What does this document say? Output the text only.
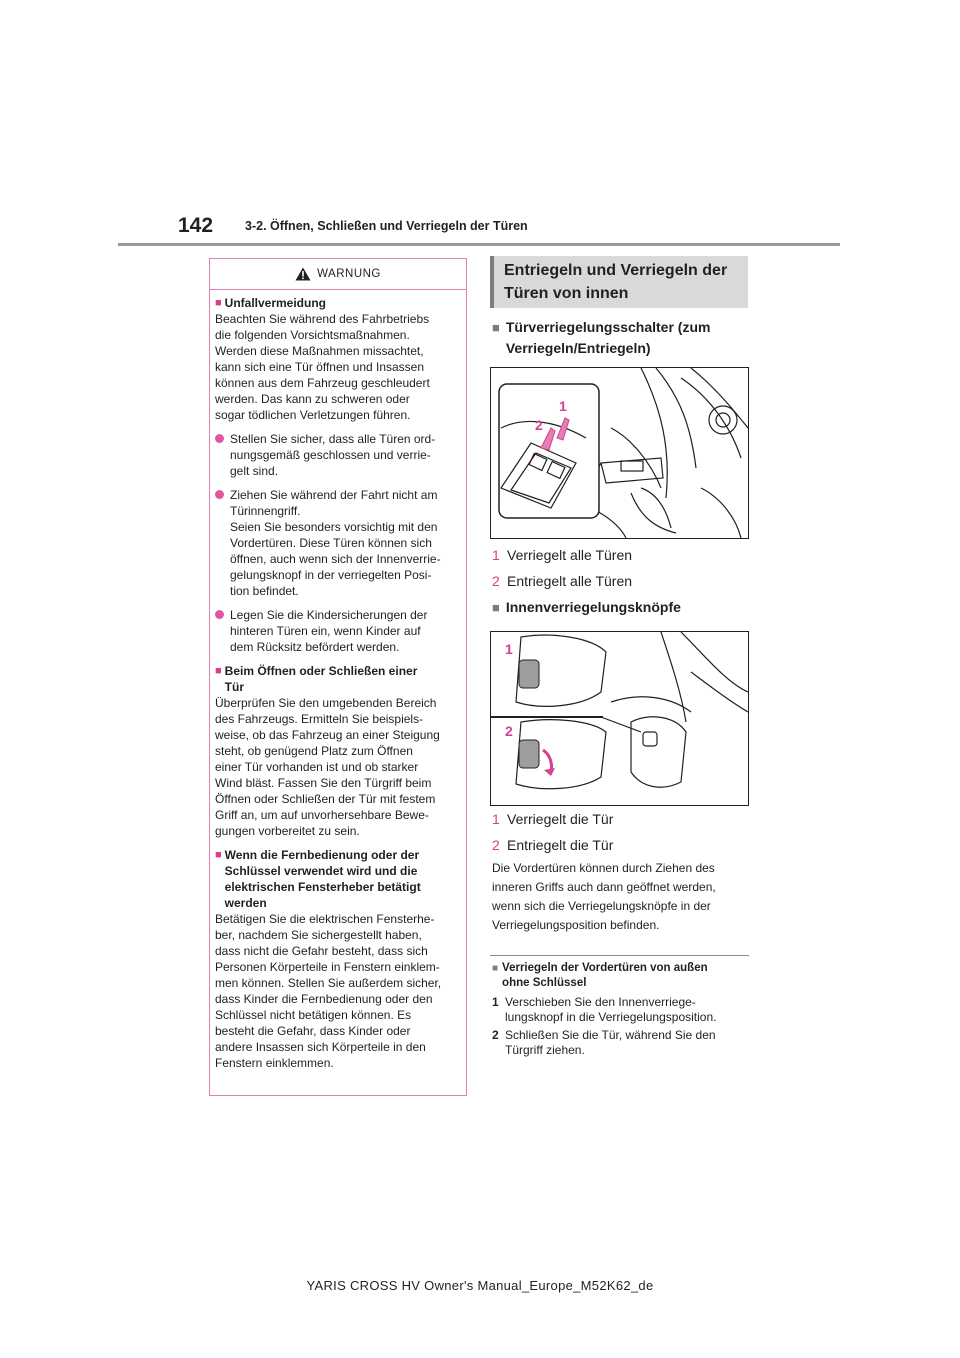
142	3-2. Öffnen, Schließen und Verriegeln der Türen
WARNUNG
■ Unfallvermeidung
Beachten Sie während des Fahrbetriebs
die folgenden Vorsichtsmaßnahmen.
Werden diese Maßnahmen missachtet,
kann sich eine Tür öffnen und Insassen
können aus dem Fahrzeug geschleudert
werden. Das kann zu schweren oder
sogar tödlichen Verletzungen führen.
Stellen Sie sicher, dass alle Türen ord-
nungsgemäß geschlossen und verrie-
gelt sind.
Ziehen Sie während der Fahrt nicht am
Türinnengriff.
Seien Sie besonders vorsichtig mit den
Vordertüren. Diese Türen können sich
öffnen, auch wenn sich der Innenverrie-
gelungsknopf in der verriegelten Posi-
tion befindet.
Legen Sie die Kindersicherungen der
hinteren Türen ein, wenn Kinder auf
dem Rücksitz befördert werden.
■ Beim Öffnen oder Schließen einer
Tür
Überprüfen Sie den umgebenden Bereich
des Fahrzeugs. Ermitteln Sie beispiels-
weise, ob das Fahrzeug an einer Steigung
steht, ob genügend Platz zum Öffnen
einer Tür vorhanden ist und ob starker
Wind bläst. Fassen Sie den Türgriff beim
Öffnen oder Schließen der Tür mit festem
Griff an, um auf unvorhersehbare Bewe-
gungen vorbereitet zu sein.
■ Wenn die Fernbedienung oder der
Schlüssel verwendet wird und die
elektrischen Fensterheber betätigt
werden
Betätigen Sie die elektrischen Fensterhe-
ber, nachdem Sie sichergestellt haben,
dass nicht die Gefahr besteht, dass sich
Personen Körperteile in Fenstern einklem-
men können. Stellen Sie außerdem sicher,
dass Kinder die Fernbedienung oder den
Schlüssel nicht betätigen können. Es
besteht die Gefahr, dass Kinder oder
andere Insassen sich Körperteile in den
Fenstern einklemmen.
Entriegeln und Verriegeln der Türen von innen
■ Türverriegelungsschalter (zum
Verriegeln/Entriegeln)
1
2
1 Verriegelt alle Türen
2 Entriegelt alle Türen
■ Innenverriegelungsknöpfe
1
2
1 Verriegelt die Tür
2 Entriegelt die Tür
Die Vordertüren können durch Ziehen des
inneren Griffs auch dann geöffnet werden,
wenn sich die Verriegelungsknöpfe in der
Verriegelungsposition befinden.
■ Verriegeln der Vordertüren von außen
ohne Schlüssel
1 Verschieben Sie den Innenverriege-
lungsknopf in die Verriegelungsposition.
2 Schließen Sie die Tür, während Sie den
Türgriff ziehen.
YARIS CROSS HV Owner's Manual_Europe_M52K62_de
